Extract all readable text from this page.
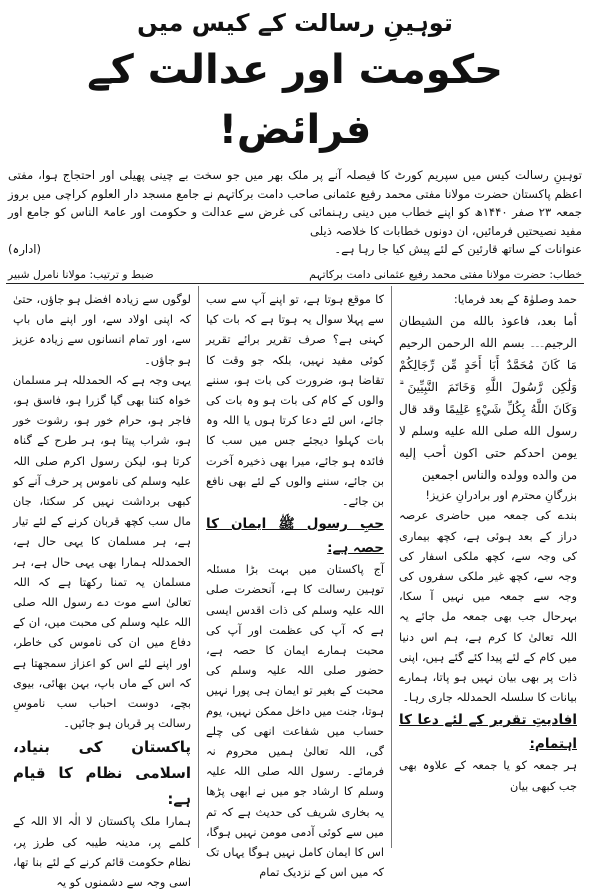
توہینِ رسالت کے کیس میں
حکومت اور عدالت کے فرائض!
توہینِ رسالت کیس میں سپریم کورٹ کا فیصلہ آنے پر ملک بھر میں جو سخت بے چینی پھیلی اور احتجاج ہوا، مفتی اعظم پاکستان حضرت مولانا مفتی محمد رفیع عثمانی صاحب دامت برکاتہم نے جامع مسجد دار العلوم کراچی میں بروز جمعہ ۲۳ صفر ۱۴۴۰ھ کو اپنے خطاب میں دینی رہنمائی کی غرض سے عدالت و حکومت اور عامۃ الناس کو جامع اور مفید نصیحتیں فرمائیں، ان دونوں خطابات کا خلاصہ ذیلی
عنوانات کے ساتھ قارئین کے لئے پیش کیا جا رہا ہے۔
(ادارہ)
خطاب: حضرت مولانا مفتی محمد رفیع عثمانی دامت برکاتہم
ضبط و ترتیب: مولانا نامرل شبیر

حمد وصلوٰۃ کے بعد فرمایا:

أما بعد، فاعوذ بالله من الشيطان الرجيم۔۔۔ بسم الله الرحمن الرحيم مَا كَانَ مُحَمَّدٌ أَبَا أَحَدٍ مِّن رِّجَالِكُمْ وَلَٰكِن رَّسُولَ اللَّهِ وَخَاتَمَ النَّبِيِّينَ ۗ وَكَانَ اللَّهُ بِكُلِّ شَيْءٍ عَلِيمًا وقد قال رسول الله صلى الله عليه وسلم لا يومن احدكم حتى اكون أحب إليه من والده وولده والناس اجمعين

بزرگانِ محترم اور برادرانِ عزیز!

بندے کی جمعہ میں حاضری عرصہ دراز کے بعد ہوئی ہے، کچھ بیماری کی وجہ سے، کچھ ملکی اسفار کی وجہ سے، کچھ غیر ملکی سفروں کی وجہ سے جمعہ میں نہیں آ سکا، بہرحال جب بھی جمعہ مل جائے یہ اللہ تعالیٰ کا کرم ہے، ہم اس دنیا میں کام کے لئے پیدا کئے گئے ہیں، اپنی ذات پر بھی بیان نہیں ہو پاتا، ہمارے بیانات کا سلسلہ الحمدللہ جاری رہا۔

افادیتِ تقریر کے لئے دعا کا اہتمام:

ہر جمعہ کو یا جمعہ کے علاوہ بھی جب کبھی بیان

کا موقع ہوتا ہے، تو اپنے آپ سے سب سے پہلا سوال یہ ہوتا ہے کہ بات کیا کہنی ہے؟ صرف تقریر برائے تقریر کوئی مفید نہیں، بلکہ جو وقت کا تقاضا ہو، ضرورت کی بات ہو، سننے والوں کے کام کی بات ہو وہ بات کی جائے، اس لئے دعا کرتا ہوں یا اللہ وہ بات کہلوا دیجئے جس میں سب کا فائدہ ہو جائے، میرا بھی ذخیرہ آخرت بن جائے، سننے والوں کے لئے بھی نافع بن جائے۔

حبِ رسول ﷺ ایمان کا حصہ ہے:

آج پاکستان میں بہت بڑا مسئلہ توہین رسالت کا ہے، آنحضرت صلی اللہ علیہ وسلم کی ذات اقدس ایسی ہے کہ آپ کی عظمت اور آپ کی محبت ہمارے ایمان کا حصہ ہے، حضور صلی اللہ علیہ وسلم کی محبت کے بغیر تو ایمان ہی پورا نہیں ہوتا، جنت میں داخل ممکن نہیں، یوم حساب میں شفاعت انھی کی چلے گی، اللہ تعالیٰ ہمیں محروم نہ فرمائے۔ رسول اللہ صلی اللہ علیہ وسلم کا ارشاد جو میں نے ابھی پڑھا یہ بخاری شریف کی حدیث ہے کہ تم میں سے کوئی آدمی مومن نہیں ہوگا، اس کا ایمان کامل نہیں ہوگا یہاں تک کہ میں اس کے نزدیک تمام

لوگوں سے زیادہ افضل ہو جاؤں، حتیٰ کہ اپنی اولاد سے، اور اپنے ماں باپ سے، اور تمام انسانوں سے زیادہ عزیز ہو جاؤں۔

یہی وجہ ہے کہ الحمدللہ ہر مسلمان خواہ کتنا بھی گیا گزرا ہو، فاسق ہو، فاجر ہو، حرام خور ہو، رشوت خور ہو، شراب پیتا ہو، ہر طرح کے گناہ کرتا ہو، لیکن رسول اکرم صلی اللہ علیہ وسلم کی ناموس پر حرف آنے کو کبھی برداشت نہیں کر سکتا، جان مال سب کچھ قربان کرنے کے لئے تیار ہے، ہر مسلمان کا یہی حال ہے، الحمدللہ ہمارا بھی یہی حال ہے، ہر مسلمان یہ تمنا رکھتا ہے کہ اللہ تعالیٰ اسے موت دے رسول اللہ صلی اللہ علیہ وسلم کی محبت میں، ان کے دفاع میں ان کی ناموس کی خاطر، اور اپنے لئے اس کو اعزاز سمجھتا ہے کہ اس کے ماں باپ، بہن بھائی، بیوی بچے، دوست احباب سب ناموسِ رسالت پر قربان ہو جائیں۔

پاکستان کی بنیاد، اسلامی نظام کا قیام ہے:

ہمارا ملک پاکستان لا الٰہ الا اللہ کے کلمے پر، مدینہ طیبہ کی طرز پر، نظام حکومت قائم کرنے کے لئے بنا تھا، اسی وجہ سے دشمنوں کو یہ
